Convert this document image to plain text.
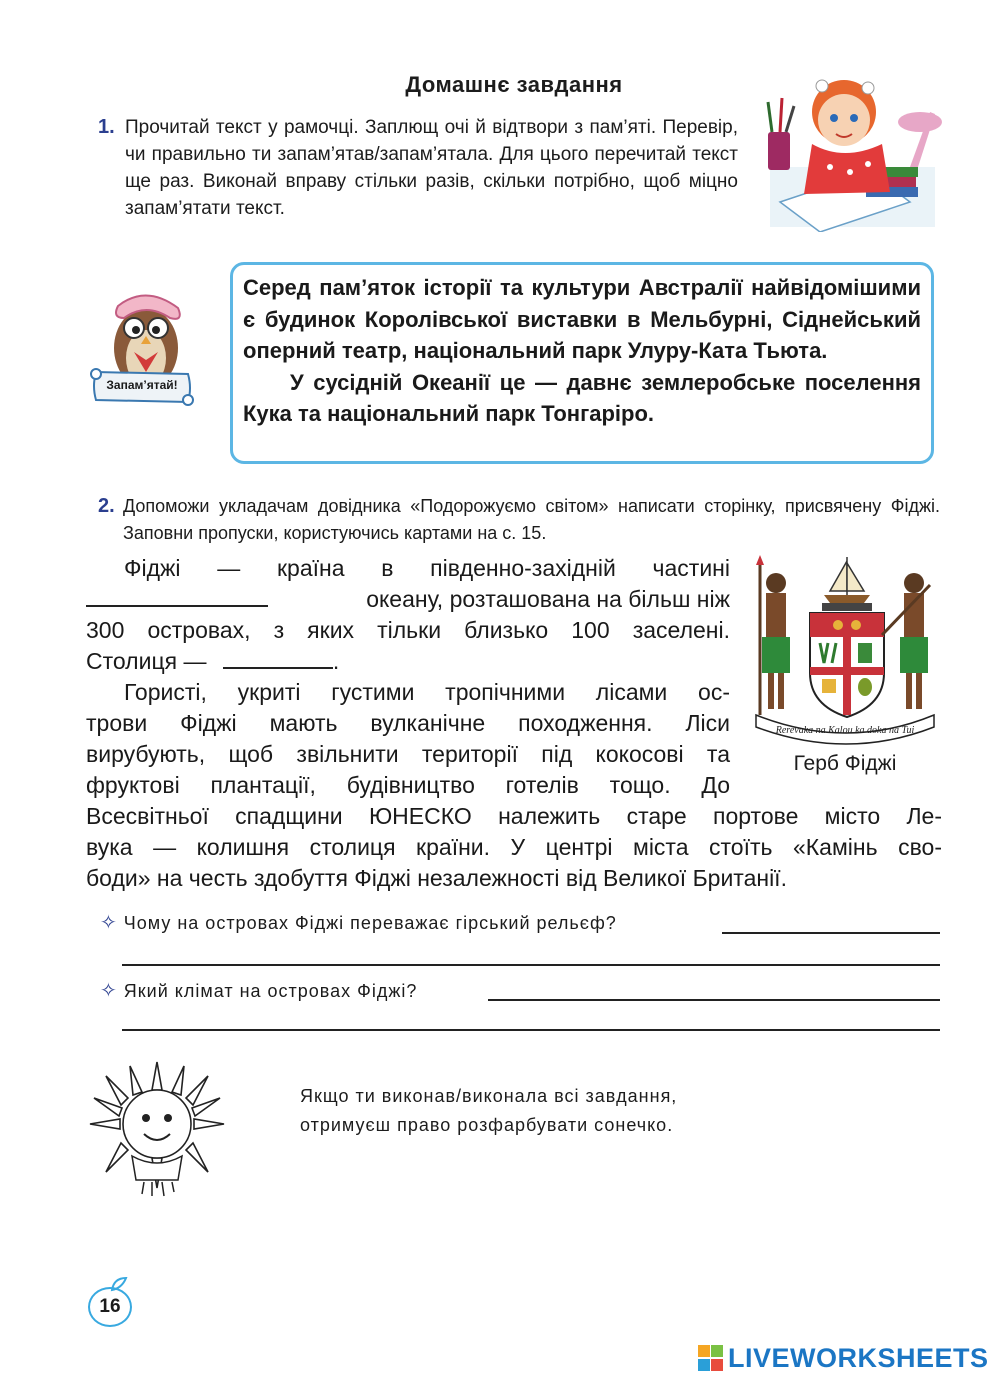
Домашнє завдання
1. Прочитай текст у рамочці. Заплющ очі й відтвори з пам’яті. Перевір, чи правильно ти запам’ятав/запам’ятала. Для цього перечитай текст ще раз. Виконай вправу стільки разів, скільки потрібно, щоб міцно запам’ятати текст.
Запам’ятай!

Серед пам’яток історії та культури Австралії найвідомішими є будинок Королівської виставки в Мельбурні, Сіднейський оперний театр, національний парк Улуру-Ката Тьюта.

У сусідній Океанії це — давнє землеробське поселення Кука та національний парк Тонгаріро.

2. Допоможи укладачам довідника «Подорожуємо світом» написати сторінку, присвячену Фіджі. Заповни пропуски, користуючись картами на с. 15.
Фіджі — країна в південно-західній частині
океану, розташована на більш ніж
300 островах, з яких тільки близько 100 заселені.
Столиця —	.
Гористі, укриті густими тропічними лісами ос-
трови Фіджі мають вулканічне походження. Ліси
вирубують, щоб звільнити території під кокосові та
фруктові плантації, будівництво готелів тощо. До
Всесвітньої спадщини ЮНЕСКО належить старе портове місто Ле-
вука — колишня столиця країни. У центрі міста стоїть «Камінь сво-
боди» на честь здобуття Фіджі незалежності від Великої Британії.
Rerevaka na Kalou ka doka na Tui
Герб Фіджі
✧ Чому на островах Фіджі переважає гірський рельєф?
✧ Який клімат на островах Фіджі?
Якщо ти виконав/виконала всі завдання,
отримуєш право розфарбувати сонечко.
16
LIVEWORKSHEETS
